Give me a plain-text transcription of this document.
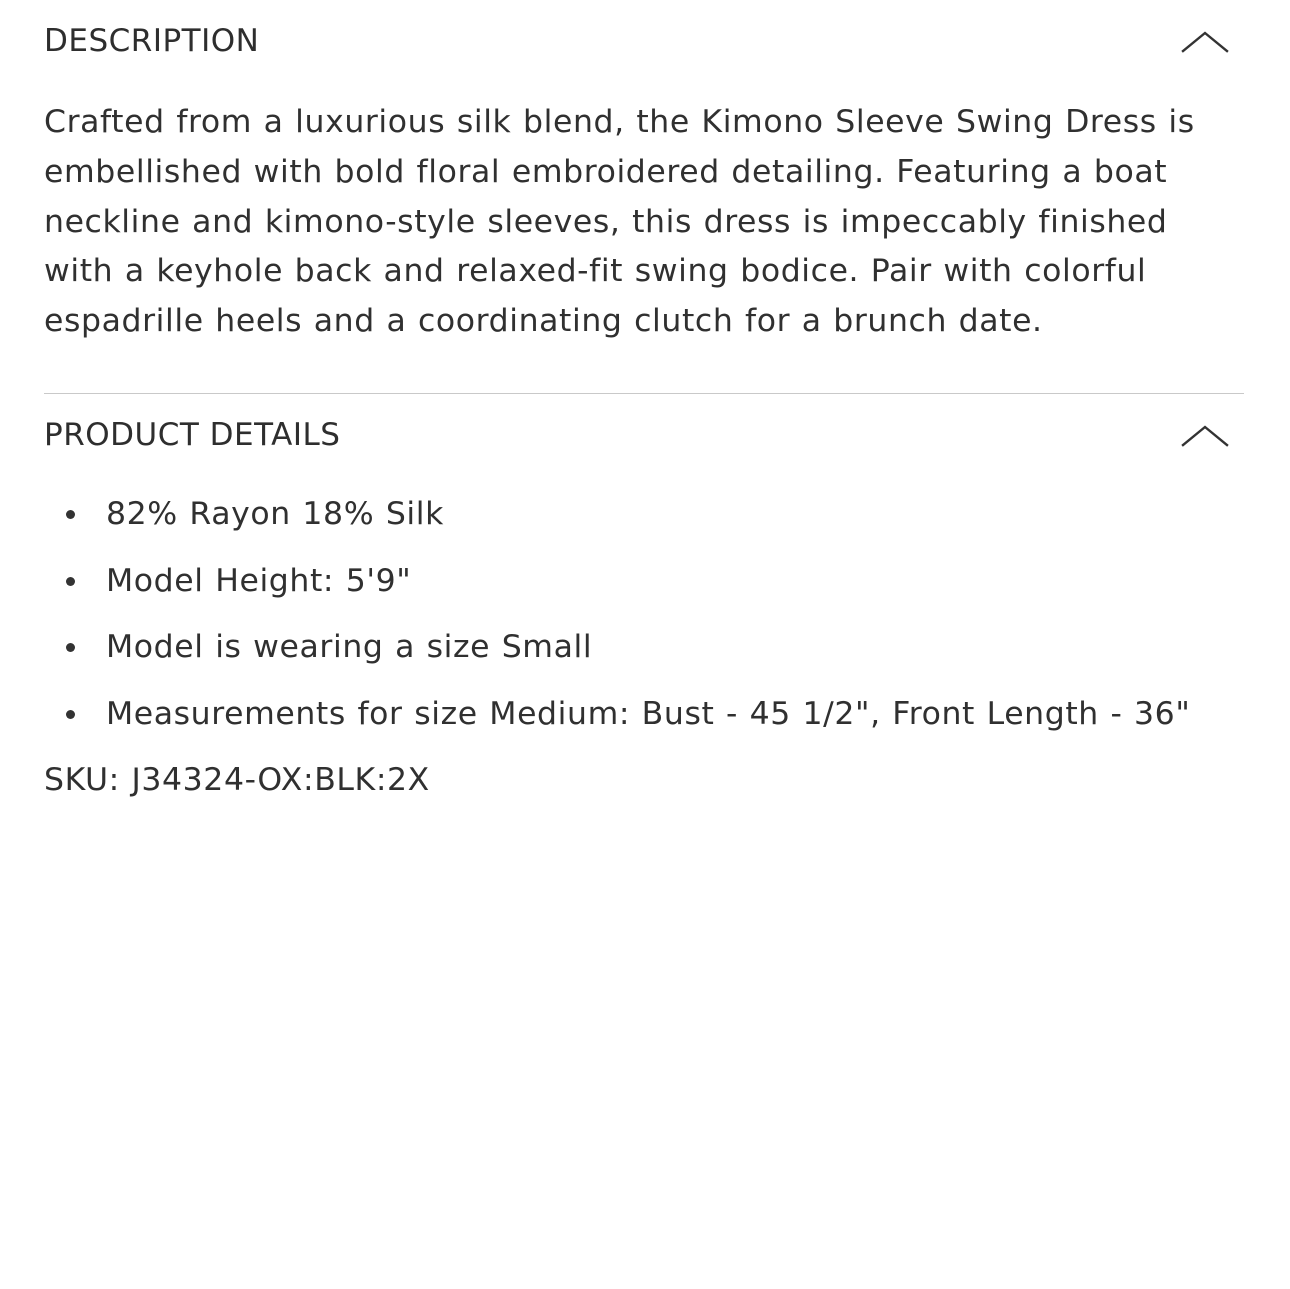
DESCRIPTION
Crafted from a luxurious silk blend, the Kimono Sleeve Swing Dress is embellished with bold floral embroidered detailing. Featuring a boat neckline and kimono-style sleeves, this dress is impeccably finished with a keyhole back and relaxed-fit swing bodice. Pair with colorful espadrille heels and a coordinating clutch for a brunch date.
PRODUCT DETAILS
82% Rayon 18% Silk
Model Height: 5'9"
Model is wearing a size Small
Measurements for size Medium: Bust - 45 1/2", Front Length - 36"
SKU: J34324-OX:BLK:2X
